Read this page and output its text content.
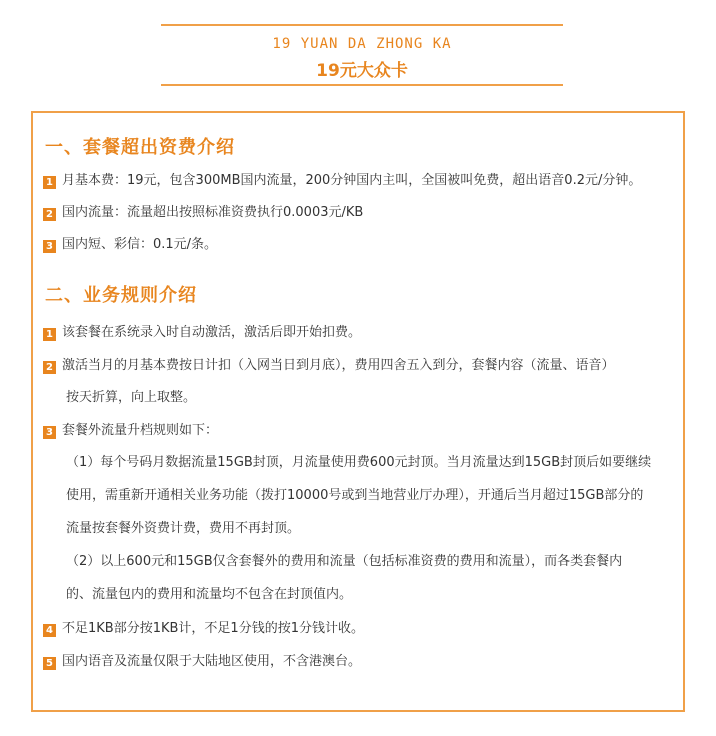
19 YUAN DA ZHONG KA
19元大众卡
一、套餐超出资费介绍
1 月基本费：19元，包含300MB国内流量，200分钟国内主叫，全国被叫免费，超出语音0.2元/分钟。
2 国内流量：流量超出按照标准资费执行0.0003元/KB
3 国内短、彩信：0.1元/条。
二、业务规则介绍
1 该套餐在系统录入时自动激活，激活后即开始扣费。
2 激活当月的月基本费按日计扣（入网当日到月底），费用四舍五入到分，套餐内容（流量、语音）
按天折算，向上取整。
3 套餐外流量升档规则如下：
（1）每个号码月数据流量15GB封顶，月流量使用费600元封顶。当月流量达到15GB封顶后如要继续
使用，需重新开通相关业务功能（拨打10000号或到当地营业厅办理），开通后当月超过15GB部分的
流量按套餐外资费计费，费用不再封顶。
（2）以上600元和15GB仅含套餐外的费用和流量（包括标准资费的费用和流量），而各类套餐内
的、流量包内的费用和流量均不包含在封顶值内。
4 不足1KB部分按1KB计，不足1分钱的按1分钱计收。
5 国内语音及流量仅限于大陆地区使用，不含港澳台。
